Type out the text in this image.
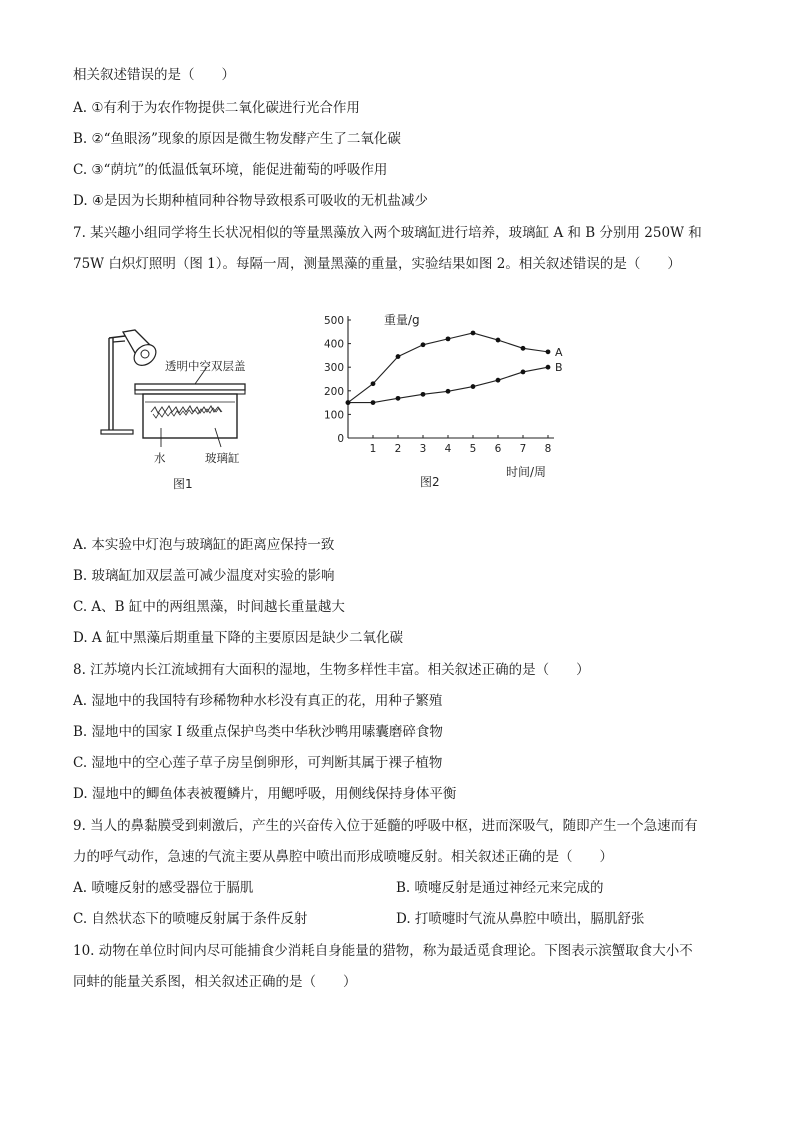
相关叙述错误的是（　　）
A. ①有利于为农作物提供二氧化碳进行光合作用
B. ②“鱼眼汤”现象的原因是微生物发酵产生了二氧化碳
C. ③“荫坑”的低温低氧环境，能促进葡萄的呼吸作用
D. ④是因为长期种植同种谷物导致根系可吸收的无机盐减少
7. 某兴趣小组同学将生长状况相似的等量黑藻放入两个玻璃缸进行培养，玻璃缸 A 和 B 分别用 250W 和
75W 白炽灯照明（图 1）。每隔一周，测量黑藻的重量，实验结果如图 2。相关叙述错误的是（　　）
透明中空双层盖
水	玻璃缸
图1
0
100
200
300
400
500
1 2 3 4 5 6 7 8
A
B
重量/g
时间/周
图2
A. 本实验中灯泡与玻璃缸的距离应保持一致
B. 玻璃缸加双层盖可减少温度对实验的影响
C. A、B 缸中的两组黑藻，时间越长重量越大
D. A 缸中黑藻后期重量下降的主要原因是缺少二氧化碳
8. 江苏境内长江流域拥有大面积的湿地，生物多样性丰富。相关叙述正确的是（　　）
A. 湿地中的我国特有珍稀物种水杉没有真正的花，用种子繁殖
B. 湿地中的国家 I 级重点保护鸟类中华秋沙鸭用嗉囊磨碎食物
C. 湿地中的空心莲子草子房呈倒卵形，可判断其属于裸子植物
D. 湿地中的鲫鱼体表被覆鳞片，用鳃呼吸，用侧线保持身体平衡
9. 当人的鼻黏膜受到刺激后，产生的兴奋传入位于延髓的呼吸中枢，进而深吸气，随即产生一个急速而有
力的呼气动作，急速的气流主要从鼻腔中喷出而形成喷嚏反射。相关叙述正确的是（　　）
A. 喷嚏反射的感受器位于膈肌	B. 喷嚏反射是通过神经元来完成的
C. 自然状态下的喷嚏反射属于条件反射	D. 打喷嚏时气流从鼻腔中喷出，膈肌舒张
10. 动物在单位时间内尽可能捕食少消耗自身能量的猎物，称为最适觅食理论。下图表示滨蟹取食大小不
同蚌的能量关系图，相关叙述正确的是（　　）
